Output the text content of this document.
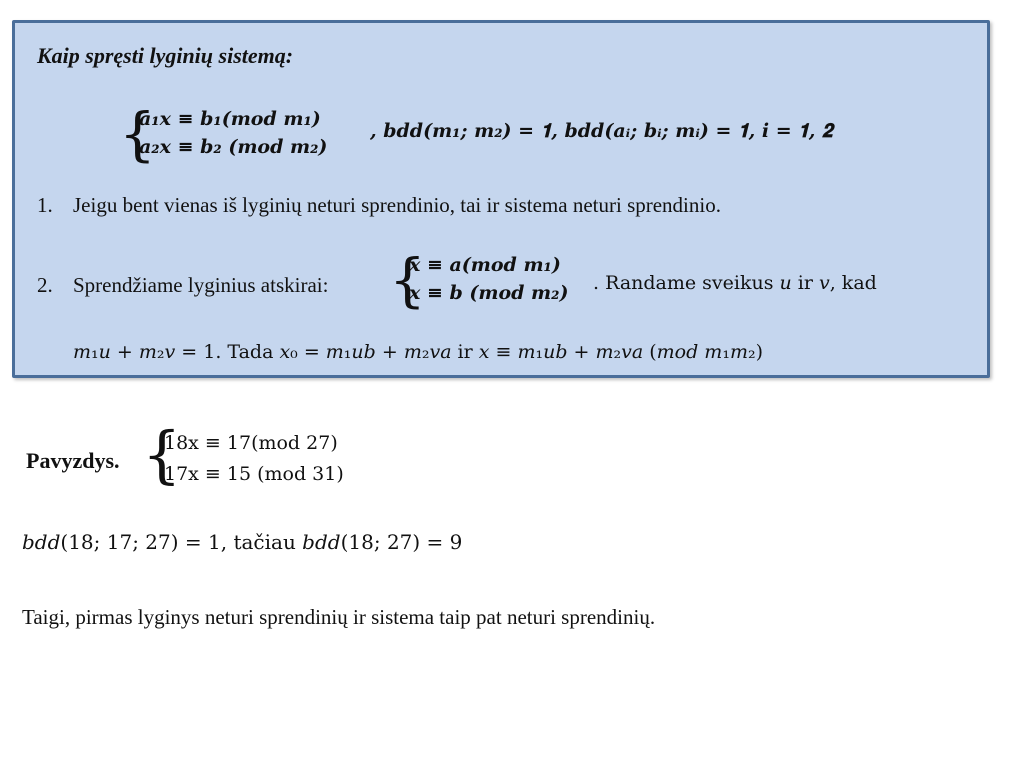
Kaip spręsti lyginių sistemą:
{
𝒂₁𝒙 ≡ 𝒃₁(𝒎𝒐𝒅 𝒎₁)
𝒂₂𝒙 ≡ 𝒃₂ (𝒎𝒐𝒅 𝒎₂)
, 𝒃𝒅𝒅(𝒎₁; 𝒎₂) = 𝟏, 𝒃𝒅𝒅(𝒂ᵢ; 𝒃ᵢ; 𝒎ᵢ) = 𝟏, 𝒊 = 𝟏, 𝟐
1. Jeigu bent vienas iš lyginių neturi sprendinio, tai ir sistema neturi sprendinio.
2. Sprendžiame lyginius atskirai: {
𝒙 ≡ 𝒂(𝒎𝒐𝒅 𝒎₁)
𝒙 ≡ 𝒃 (𝒎𝒐𝒅 𝒎₂) . Randame sveikus 𝑢 ir 𝑣, kad
𝑚₁𝑢 + 𝑚₂𝑣 = 1. Tada 𝑥₀ = 𝑚₁𝑢𝑏 + 𝑚₂𝑣𝑎 ir 𝑥 ≡ 𝑚₁𝑢𝑏 + 𝑚₂𝑣𝑎 (𝑚𝑜𝑑 𝑚₁𝑚₂)
Pavyzdys. {
18x ≡ 17(mod 27)
17x ≡ 15 (mod 31)
𝑏𝑑𝑑(18; 17; 27) = 1, tačiau 𝑏𝑑𝑑(18; 27) = 9
Taigi, pirmas lyginys neturi sprendinių ir sistema taip pat neturi sprendinių.
